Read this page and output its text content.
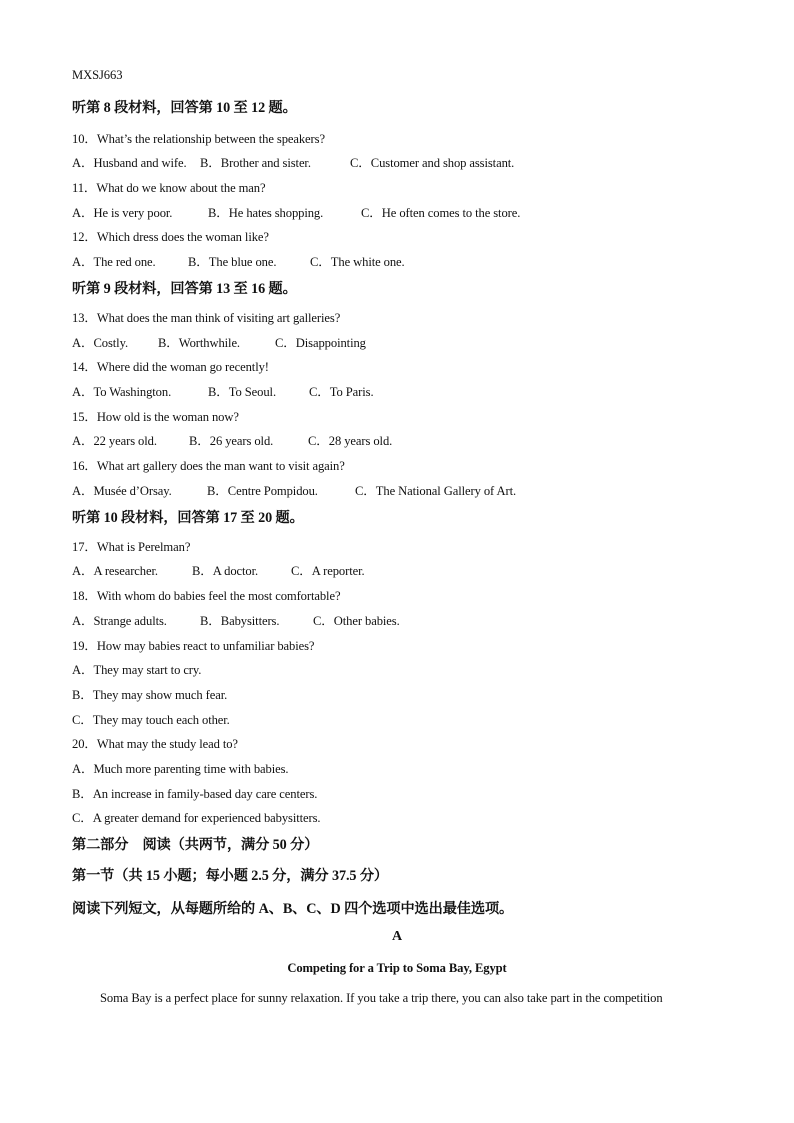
MXSJ663
听第 8 段材料，回答第 10 至 12 题。
10．What’s the relationship between the speakers?
A．Husband and wife. B．Brother and sister.	C．Customer and shop assistant.
11．What do we know about the man?
A．He is very poor.	B．He hates shopping.	C．He often comes to the store.
12．Which dress does the woman like?
A．The red one.	B．The blue one.	C．The white one.
听第 9 段材料，回答第 13 至 16 题。
13．What does the man think of visiting art galleries?
A．Costly. B．Worthwhile.	C．Disappointing
14．Where did the woman go recently!
A．To Washington.	B．To Seoul.	C．To Paris.
15．How old is the woman now?
A．22 years old.	B．26 years old.	C．28 years old.
16．What art gallery does the man want to visit again?
A．Musée d’Orsay.	B．Centre Pompidou.	C．The National Gallery of Art.
听第 10 段材料，回答第 17 至 20 题。
17．What is Perelman?
A．A researcher.	B．A doctor.	C．A reporter.
18．With whom do babies feel the most comfortable?
A．Strange adults.	B．Babysitters.	C．Other babies.
19．How may babies react to unfamiliar babies?
A．They may start to cry.
B．They may show much fear.
C．They may touch each other.
20．What may the study lead to?
A．Much more parenting time with babies.
B．An increase in family-based day care centers.
C．A greater demand for experienced babysitters.
第二部分　阅读（共两节，满分 50 分）
第一节（共 15 小题；每小题 2.5 分，满分 37.5 分）
阅读下列短文，从每题所给的 A、B、C、D 四个选项中选出最佳选项。
A
Competing for a Trip to Soma Bay, Egypt
Soma Bay is a perfect place for sunny relaxation. If you take a trip there, you can also take part in the competition
